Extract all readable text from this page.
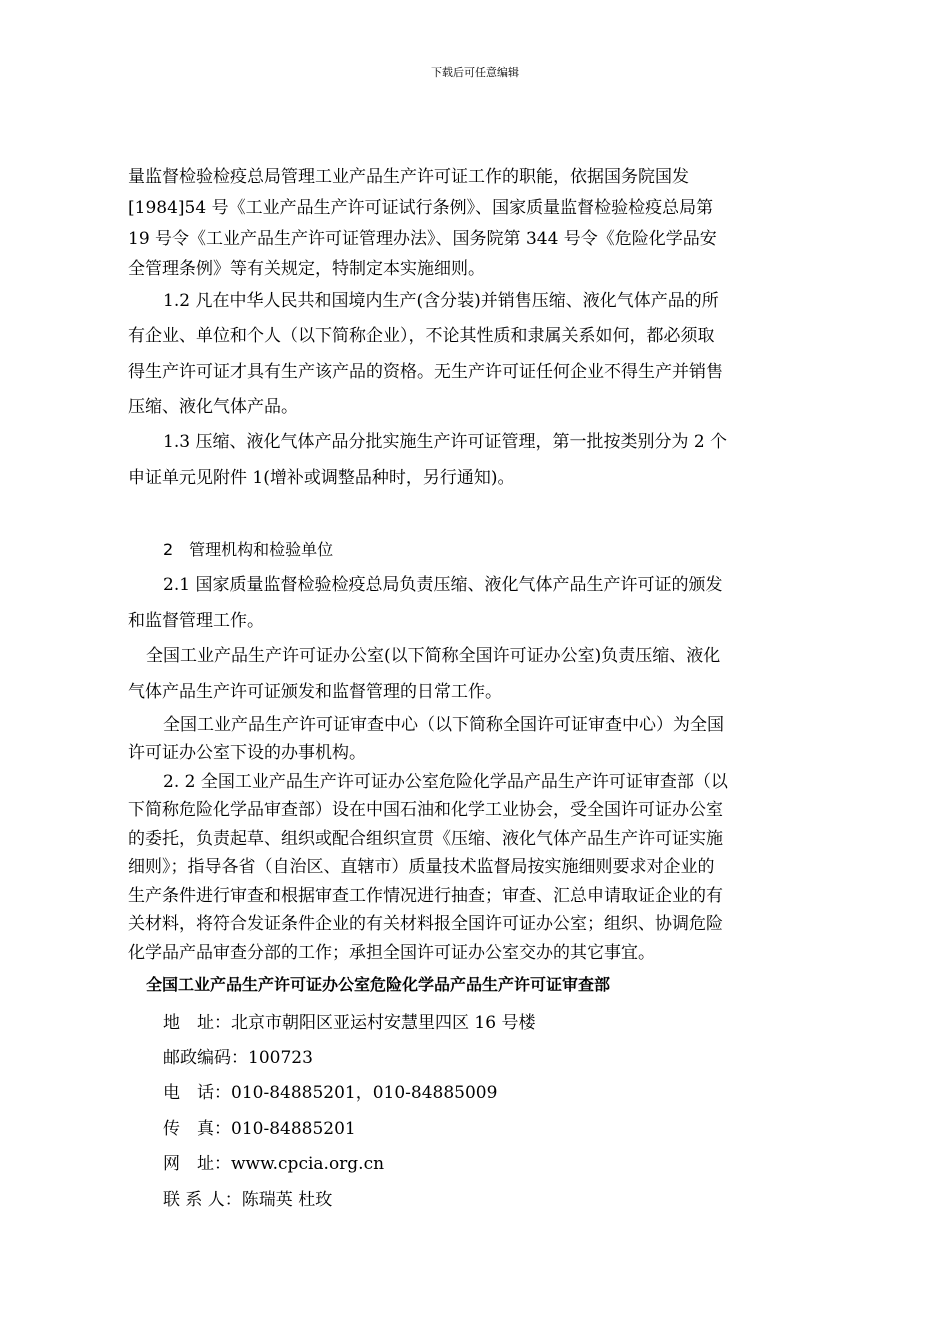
下载后可任意编辑
量监督检验检疫总局管理工业产品生产许可证工作的职能，依据国务院国发
[1984]54 号《工业产品生产许可证试行条例》、国家质量监督检验检疫总局第
19 号令《工业产品生产许可证管理办法》、国务院第 344 号令《危险化学品安
全管理条例》等有关规定，特制定本实施细则。
1.2 凡在中华人民共和国境内生产(含分装)并销售压缩、液化气体产品的所
有企业、单位和个人（以下简称企业），不论其性质和隶属关系如何，都必须取
得生产许可证才具有生产该产品的资格。无生产许可证任何企业不得生产并销售
压缩、液化气体产品。
1.3 压缩、液化气体产品分批实施生产许可证管理，第一批按类别分为 2 个
申证单元见附件 1(增补或调整品种时，另行通知)。
2　管理机构和检验单位
2.1 国家质量监督检验检疫总局负责压缩、液化气体产品生产许可证的颁发
和监督管理工作。
全国工业产品生产许可证办公室(以下简称全国许可证办公室)负责压缩、液化
气体产品生产许可证颁发和监督管理的日常工作。
全国工业产品生产许可证审查中心（以下简称全国许可证审查中心）为全国
许可证办公室下设的办事机构。
2. 2 全国工业产品生产许可证办公室危险化学品产品生产许可证审查部（以
下简称危险化学品审查部）设在中国石油和化学工业协会，受全国许可证办公室
的委托，负责起草、组织或配合组织宣贯《压缩、液化气体产品生产许可证实施
细则》；指导各省（自治区、直辖市）质量技术监督局按实施细则要求对企业的
生产条件进行审查和根据审查工作情况进行抽查；审查、汇总申请取证企业的有
关材料，将符合发证条件企业的有关材料报全国许可证办公室；组织、协调危险
化学品产品审查分部的工作；承担全国许可证办公室交办的其它事宜。
全国工业产品生产许可证办公室危险化学品产品生产许可证审查部
地　址：北京市朝阳区亚运村安慧里四区 16 号楼
邮政编码：100723
电　话：010-84885201，010-84885009
传　真：010-84885201
网　址：www.cpcia.org.cn
联 系 人：陈瑞英 杜玫
